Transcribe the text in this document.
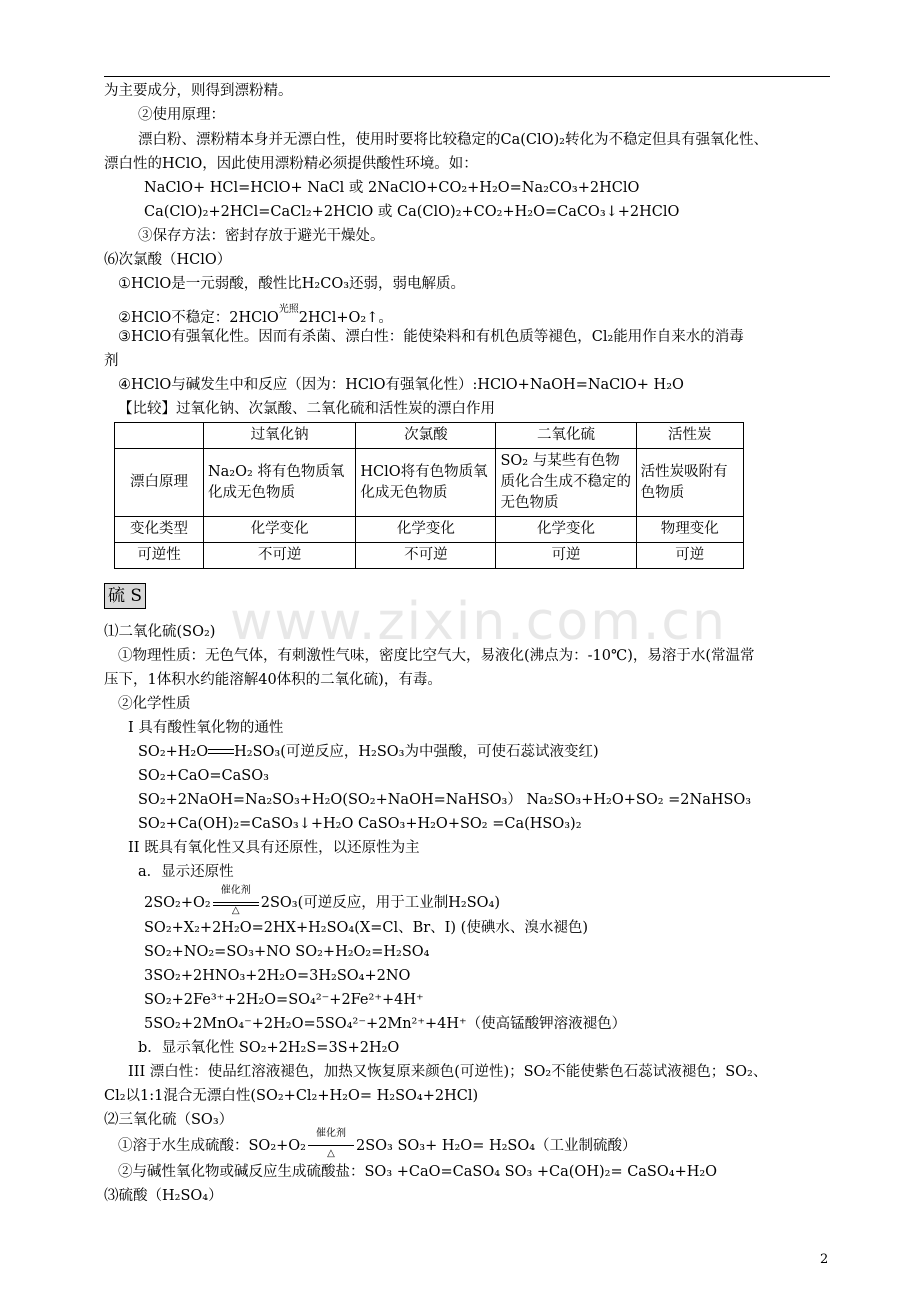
www.zixin.com.cn
为主要成分，则得到漂粉精。
②使用原理：
漂白粉、漂粉精本身并无漂白性，使用时要将比较稳定的Ca(ClO)₂转化为不稳定但具有强氧化性、
漂白性的HClO，因此使用漂粉精必须提供酸性环境。如：
NaClO+ HCl=HClO+ NaCl 或 2NaClO+CO₂+H₂O=Na₂CO₃+2HClO
Ca(ClO)₂+2HCl=CaCl₂+2HClO 或 Ca(ClO)₂+CO₂+H₂O=CaCO₃↓+2HClO
③保存方法：密封存放于避光干燥处。
⑹次氯酸（HClO）
①HClO是一元弱酸，酸性比H₂CO₃还弱，弱电解质。
②HClO不稳定：2HClO$^{光照}$2HCl+O₂↑。
③HClO有强氧化性。因而有杀菌、漂白性：能使染料和有机色质等褪色，Cl₂能用作自来水的消毒
剂
④HClO与碱发生中和反应（因为：HClO有强氧化性）:HClO+NaOH=NaClO+ H₂O
【比较】过氧化钠、次氯酸、二氧化硫和活性炭的漂白作用
	过氧化钠	次氯酸	二氧化硫	活性炭
漂白原理	Na₂O₂ 将有色物质氧化成无色物质	HClO将有色物质氧化成无色物质	SO₂ 与某些有色物质化合生成不稳定的无色物质	活性炭吸附有色物质
变化类型	化学变化	化学变化	化学变化	物理变化
可逆性	不可逆	不可逆	可逆	可逆
硫 S
⑴二氧化硫(SO₂)
①物理性质：无色气体，有刺激性气味，密度比空气大，易液化(沸点为：-10℃)，易溶于水(常温常
压下，1体积水约能溶解40体积的二氧化硫)，有毒。
②化学性质
I 具有酸性氧化物的通性
SO₂+H₂O H₂SO₃(可逆反应，H₂SO₃为中强酸，可使石蕊试液变红)
SO₂+CaO=CaSO₃
SO₂+2NaOH=Na₂SO₃+H₂O(SO₂+NaOH=NaHSO₃） Na₂SO₃+H₂O+SO₂ =2NaHSO₃
SO₂+Ca(OH)₂=CaSO₃↓+H₂O CaSO₃+H₂O+SO₂ =Ca(HSO₃)₂
II 既具有氧化性又具有还原性，以还原性为主
a．显示还原性
2SO₂+O₂
催化剂
△	2SO₃(可逆反应，用于工业制H₂SO₄)
SO₂+X₂+2H₂O=2HX+H₂SO₄(X=Cl、Br、I) (使碘水、溴水褪色)
SO₂+NO₂=SO₃+NO SO₂+H₂O₂=H₂SO₄
3SO₂+2HNO₃+2H₂O=3H₂SO₄+2NO
SO₂+2Fe³⁺+2H₂O=SO₄²⁻+2Fe²⁺+4H⁺
5SO₂+2MnO₄⁻+2H₂O=5SO₄²⁻+2Mn²⁺+4H⁺（使高锰酸钾溶液褪色）
b．显示氧化性 SO₂+2H₂S=3S+2H₂O
III 漂白性：使品红溶液褪色，加热又恢复原来颜色(可逆性)；SO₂不能使紫色石蕊试液褪色；SO₂、
Cl₂以1:1混合无漂白性(SO₂+Cl₂+H₂O= H₂SO₄+2HCl)
⑵三氧化硫（SO₃）
①溶于水生成硫酸：SO₂+O₂
催化剂
△	2SO₃ SO₃+ H₂O= H₂SO₄（工业制硫酸）
②与碱性氧化物或碱反应生成硫酸盐：SO₃ +CaO=CaSO₄ SO₃ +Ca(OH)₂= CaSO₄+H₂O
⑶硫酸（H₂SO₄）
2
